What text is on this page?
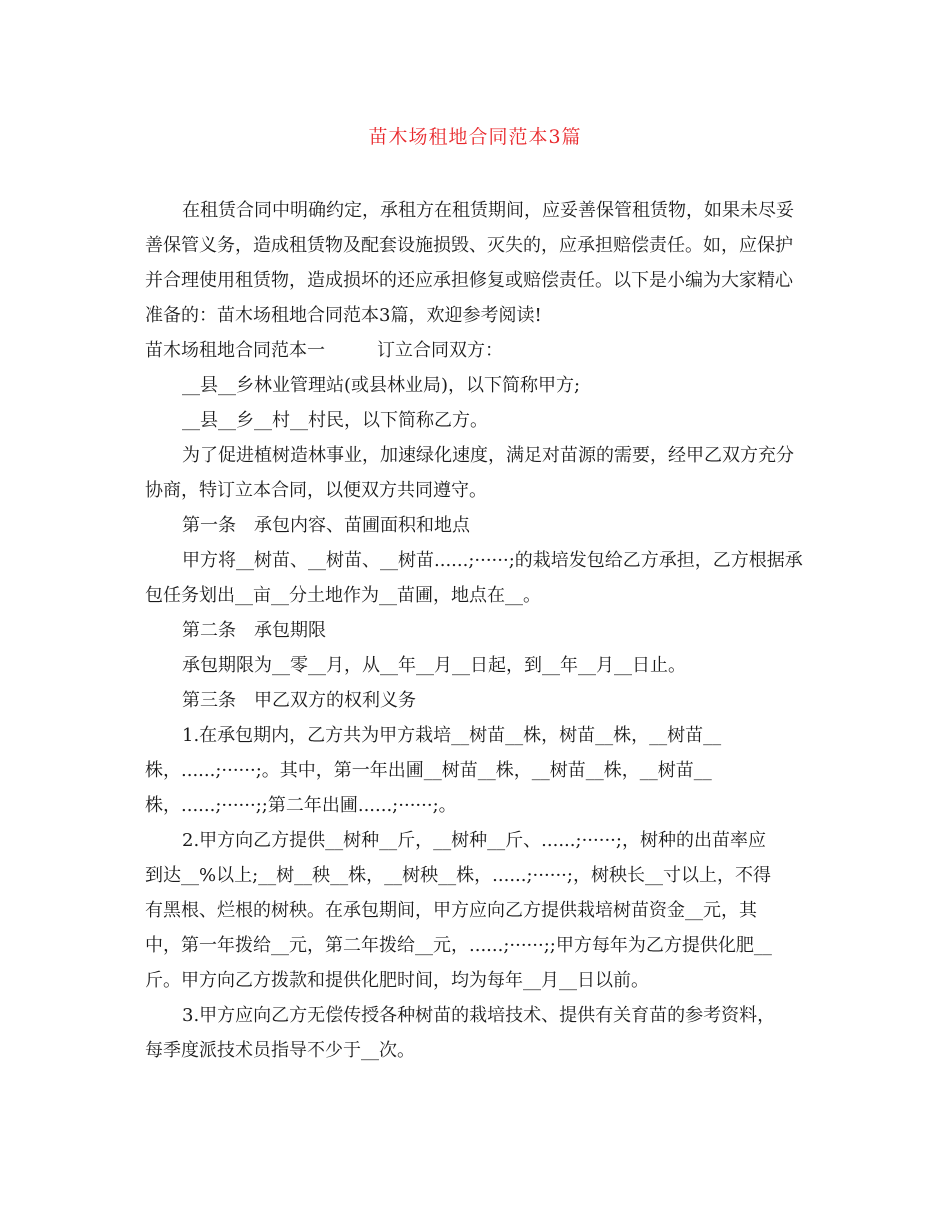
苗木场租地合同范本3篇

在租赁合同中明确约定，承租方在租赁期间，应妥善保管租赁物，如果未尽妥善保管义务，造成租赁物及配套设施损毁、灭失的，应承担赔偿责任。如，应保护并合理使用租赁物，造成损坏的还应承担修复或赔偿责任。以下是小编为大家精心准备的：苗木场租地合同范本3篇，欢迎参考阅读!

苗木场租地合同范本一	订立合同双方：

__县__乡林业管理站(或县林业局)，以下简称甲方;

__县__乡__村__村民，以下简称乙方。

为了促进植树造林事业，加速绿化速度，满足对苗源的需要，经甲乙双方充分协商，特订立本合同，以便双方共同遵守。

第一条　承包内容、苗圃面积和地点

甲方将__树苗、__树苗、__树苗......;······;的栽培发包给乙方承担，乙方根据承包任务划出__亩__分土地作为__苗圃，地点在__。

第二条　承包期限

承包期限为__零__月，从__年__月__日起，到__年__月__日止。

第三条　甲乙双方的权利义务

1.在承包期内，乙方共为甲方栽培__树苗__株，树苗__株，__树苗__

株，......;······;。其中，第一年出圃__树苗__株，__树苗__株，__树苗__

株，......;······;;第二年出圃......;······;。

2.甲方向乙方提供__树种__斤，__树种__斤、......;······;，树种的出苗率应

到达__%以上;__树__秧__株，__树秧__株，......;······;，树秧长__寸以上，不得

有黑根、烂根的树秧。在承包期间，甲方应向乙方提供栽培树苗资金__元，其

中，第一年拨给__元，第二年拨给__元，......;······;;甲方每年为乙方提供化肥__

斤。甲方向乙方拨款和提供化肥时间，均为每年__月__日以前。

3.甲方应向乙方无偿传授各种树苗的栽培技术、提供有关育苗的参考资料，

每季度派技术员指导不少于__次。
